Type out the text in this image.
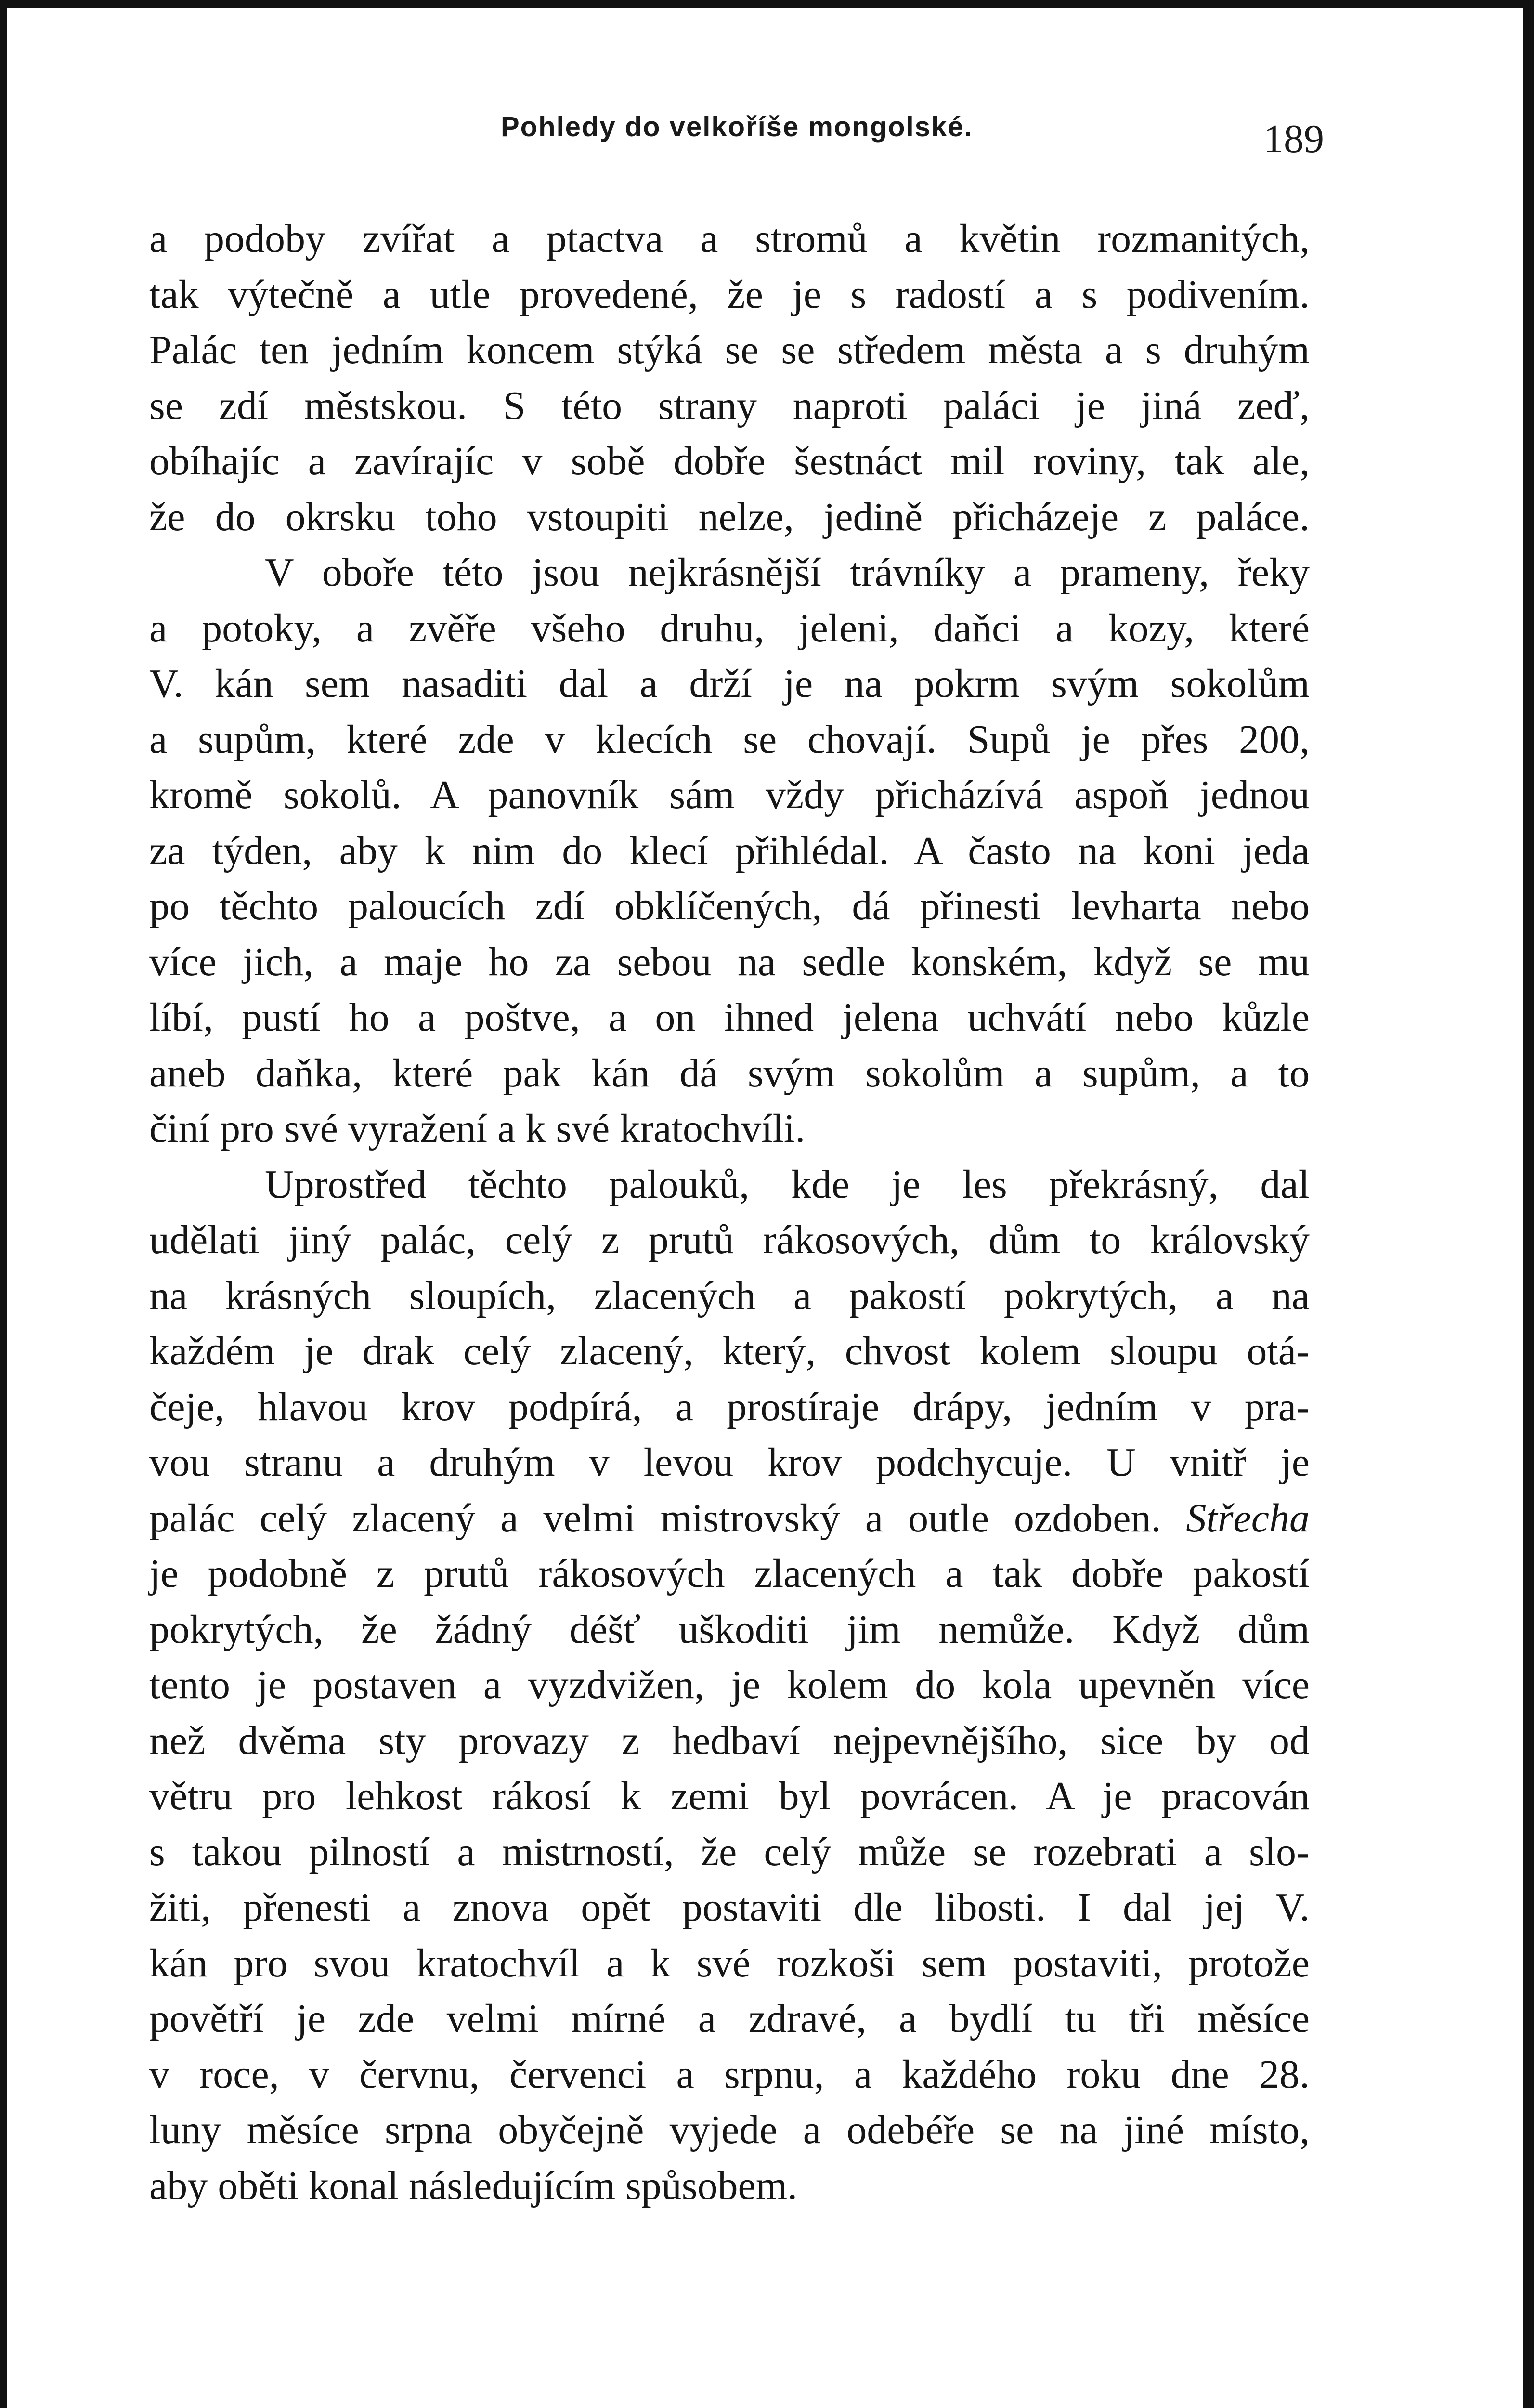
Pohledy do velkoříše mongolské.	189
a podoby zvířat a ptactva a stromů a květin rozmanitých,
tak výtečně a utle provedené, že je s radostí a s podivením.
Palác ten jedním koncem stýká se se středem města a s druhým
se zdí městskou. S této strany naproti paláci je jiná zeď,
obíhajíc a zavírajíc v sobě dobře šestnáct mil roviny, tak ale,
že do okrsku toho vstoupiti nelze, jedině přicházeje z paláce.
V oboře této jsou nejkrásnější trávníky a prameny, řeky
a potoky, a zvěře všeho druhu, jeleni, daňci a kozy, které
V. kán sem nasaditi dal a drží je na pokrm svým sokolům
a supům, které zde v klecích se chovají. Supů je přes 200,
kromě sokolů. A panovník sám vždy přicházívá aspoň jednou
za týden, aby k nim do klecí přihlédal. A často na koni jeda
po těchto paloucích zdí obklíčených, dá přinesti levharta nebo
více jich, a maje ho za sebou na sedle konském, když se mu
líbí, pustí ho a poštve, a on ihned jelena uchvátí nebo kůzle
aneb daňka, které pak kán dá svým sokolům a supům, a to
činí pro své vyražení a k své kratochvíli.
Uprostřed těchto palouků, kde je les překrásný, dal
udělati jiný palác, celý z prutů rákosových, dům to královský
na krásných sloupích, zlacených a pakostí pokrytých, a na
každém je drak celý zlacený, který, chvost kolem sloupu otá-
čeje, hlavou krov podpírá, a prostíraje drápy, jedním v pra-
vou stranu a druhým v levou krov podchycuje. U vnitř je
palác celý zlacený a velmi mistrovský a outle ozdoben. Střecha
je podobně z prutů rákosových zlacených a tak dobře pakostí
pokrytých, že žádný déšť uškoditi jim nemůže. Když dům
tento je postaven a vyzdvižen, je kolem do kola upevněn více
než dvěma sty provazy z hedbaví nejpevnějšího, sice by od
větru pro lehkost rákosí k zemi byl povrácen. A je pracován
s takou pilností a mistrností, že celý může se rozebrati a slo-
žiti, přenesti a znova opět postaviti dle libosti. I dal jej V.
kán pro svou kratochvíl a k své rozkoši sem postaviti, protože
povětří je zde velmi mírné a zdravé, a bydlí tu tři měsíce
v roce, v červnu, červenci a srpnu, a každého roku dne 28.
luny měsíce srpna obyčejně vyjede a odebéře se na jiné místo,
aby oběti konal následujícím spůsobem.
